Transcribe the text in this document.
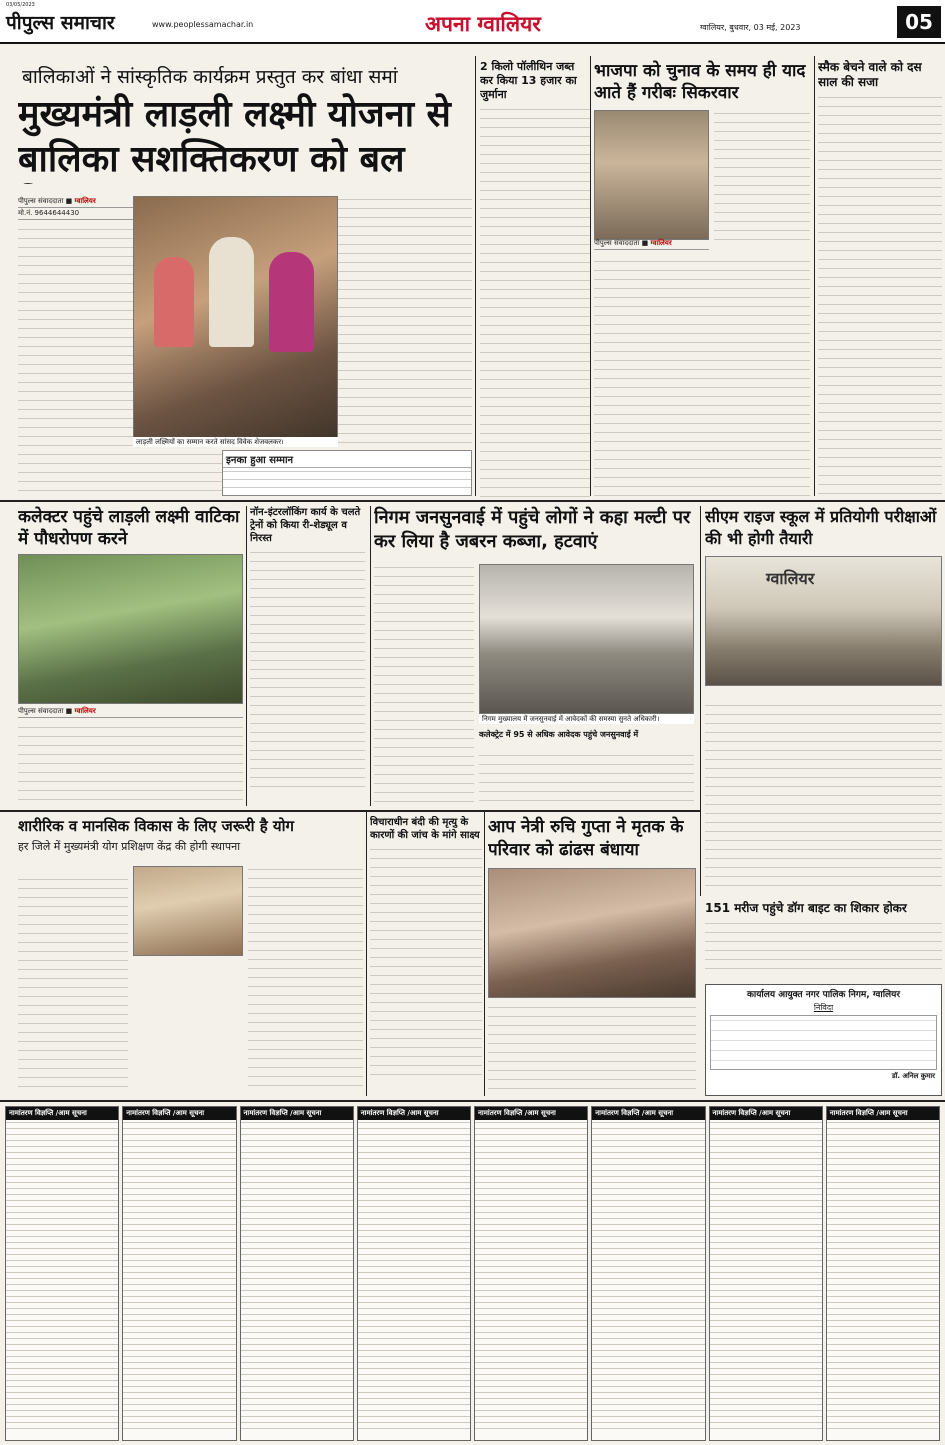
03/05/2023
पीपुल्स समाचार	www.peoplessamachar.in	अपना ग्वालियर	ग्वालियर, बुधवार, 03 मई, 2023	05
बालिकाओं ने सांस्कृतिक कार्यक्रम प्रस्तुत कर बांधा समां
मुख्यमंत्री लाड़ली लक्ष्मी योजना से बालिका सशक्तिकरण को बल
पीपुल्स संवाददाता ■ ग्वालियर
मो.नं. 9644644430
लाड़ली लक्ष्मियों का सम्मान करते सांसद विवेक शेजवलकर।
इनका हुआ सम्मान
2 किलो पॉलीथिन जब्त कर किया 13 हजार का जुर्माना
भाजपा को चुनाव के समय ही याद आते हैं गरीबः सिकरवार
पीपुल्स संवाददाता ■ ग्वालियर
स्मैक बेचने वाले को दस साल की सजा
कलेक्टर पहुंचे लाड़ली लक्ष्मी वाटिका में पौधरोपण करने
पीपुल्स संवाददाता ■ ग्वालियर
नॉन-इंटरलॉकिंग कार्य के चलते ट्रेनों को किया री-शेड्यूल व निरस्त
निगम जनसुनवाई में पहुंचे लोगों ने कहा मल्टी पर कर लिया है जबरन कब्जा, हटवाएं
निगम मुख्यालय में जनसुनवाई में आवेदकों की समस्या सुनते अधिकारी।
कलेक्ट्रेट में 95 से अधिक आवेदक पहुंचे जनसुनवाई में
सीएम राइज स्कूल में प्रतियोगी परीक्षाओं की भी होगी तैयारी
ग्वालियर
शारीरिक व मानसिक विकास के लिए जरूरी है योग
हर जिले में मुख्यमंत्री योग प्रशिक्षण केंद्र की होगी स्थापना
विचाराधीन बंदी की मृत्यु के कारणों की जांच के मांगे साक्ष्य आप नेत्री रुचि गुप्ता ने मृतक के परिवार को ढांढस बंधाया
151 मरीज पहुंचे डॉग बाइट का शिकार होकर
कार्यालय आयुक्त नगर पालिक निगम, ग्वालियर
निविदा
डॉ. अनिल कुमार
नामांतरण विज्ञप्ति /आम सूचना	नामांतरण विज्ञप्ति /आम सूचना	नामांतरण विज्ञप्ति /आम सूचना	नामांतरण विज्ञप्ति /आम सूचना	नामांतरण विज्ञप्ति /आम सूचना	नामांतरण विज्ञप्ति /आम सूचना	नामांतरण विज्ञप्ति /आम सूचना	नामांतरण विज्ञप्ति /आम सूचना
